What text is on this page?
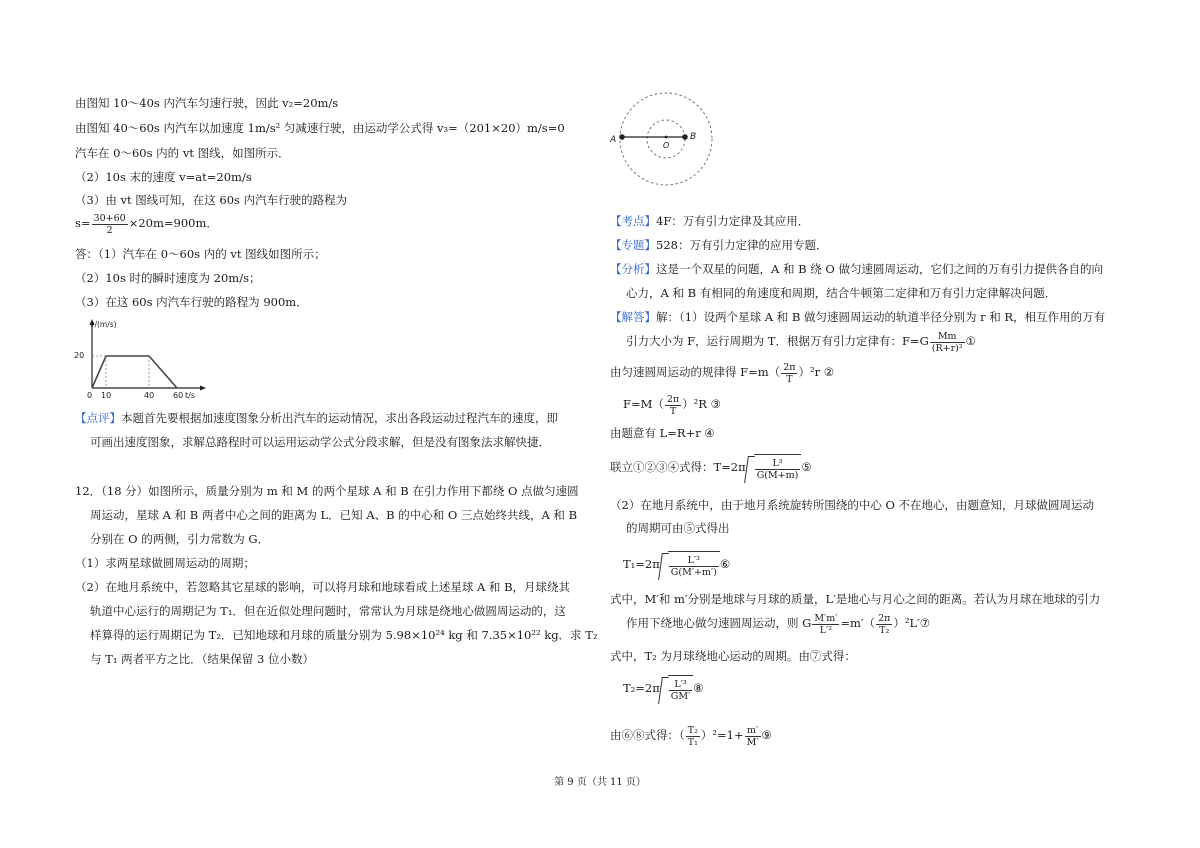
由图知 10～40s 内汽车匀速行驶，因此 v₂=20m/s
由图知 40～60s 内汽车以加速度 1m/s² 匀减速行驶，由运动学公式得 v₃=（20⁦1×20）m/s=0
汽车在 0～60s 内的 v⁦t 图线，如图所示．
（2）10s 末的速度 v=at=20m/s
（3）由 v⁦t 图线可知，在这 60s 内汽车行驶的路程为
$s= \frac{30+60}{2} \times 20m=900m$．
答：（1）汽车在 0～60s 内的 v⁦t 图线如图所示；
（2）10s 时的瞬时速度为 20m/s；
（3）在这 60s 内汽车行驶的路程为 900m．
v/(m/s)
20
0 10	40 60 t/s
【点评】本题首先要根据加速度图象分析出汽车的运动情况，求出各段运动过程汽车的速度，即
可画出速度图象，求解总路程时可以运用运动学公式分段求解，但是没有图象法求解快捷．
12．（18 分）如图所示，质量分别为 m 和 M 的两个星球 A 和 B 在引力作用下都绕 O 点做匀速圆
周运动，星球 A 和 B 两者中心之间的距离为 L．已知 A、B 的中心和 O 三点始终共线，A 和 B
分别在 O 的两侧，引力常数为 G．
（1）求两星球做圆周运动的周期；
（2）在地月系统中，若忽略其它星球的影响，可以将月球和地球看成上述星球 A 和 B，月球绕其
轨道中心运行的周期记为 T₁．但在近似处理问题时，常常认为月球是绕地心做圆周运动的，这
样算得的运行周期记为 T₂．已知地球和月球的质量分别为 5.98×10²⁴ kg 和 7.35×10²² kg．求 T₂
与 T₁ 两者平方之比．（结果保留 3 位小数）
A	B
O
【考点】4F：万有引力定律及其应用．
【专题】528：万有引力定律的应用专题．
【分析】这是一个双星的问题，A 和 B 绕 O 做匀速圆周运动，它们之间的万有引力提供各自的向
心力，A 和 B 有相同的角速度和周期，结合牛顿第二定律和万有引力定律解决问题．
【解答】解：（1）设两个星球 A 和 B 做匀速圆周运动的轨道半径分别为 r 和 R，相互作用的万有
引力大小为 F，运行周期为 T．根据万有引力定律有：$F=G \frac{Mm}{\text{(R+r)²}}$ ①
由匀速圆周运动的规律得 $F=m( \frac{2\pi}{T} )^2r$ ②
$F=M( \frac{2\pi}{T} )^2R$ ③
由题意有 L=R+r ④
联立①②③④式得：$T=2\pi \frac{\text{L³}}{G(M+m)}$ ⑤
（2）在地月系统中，由于地月系统旋转所围绕的中心 O 不在地心，由题意知，月球做圆周运动
的周期可由⑤式得出
$T_1=2\pi \frac{\text{L′³}}{G(M'+m')}$ ⑥
式中，M′和 m′分别是地球与月球的质量，L′是地心与月心之间的距离。若认为月球在地球的引力
作用下绕地心做匀速圆周运动，则 G $\frac{M'm'}{\text{L′²}} =m'( \frac{2\pi}{\text{T₂}}$ ）²L′⑦
式中，T₂ 为月球绕地心运动的周期。由⑦式得：
$T_2=2\pi \frac{\text{L′³}}{GM'}$ ⑧
由⑥⑧式得：（ $\frac{\text{T₂}}{\text{T₁}} )^2=1+ \frac{m'}{M'}$ ⑨
第 9 页（共 11 页）
